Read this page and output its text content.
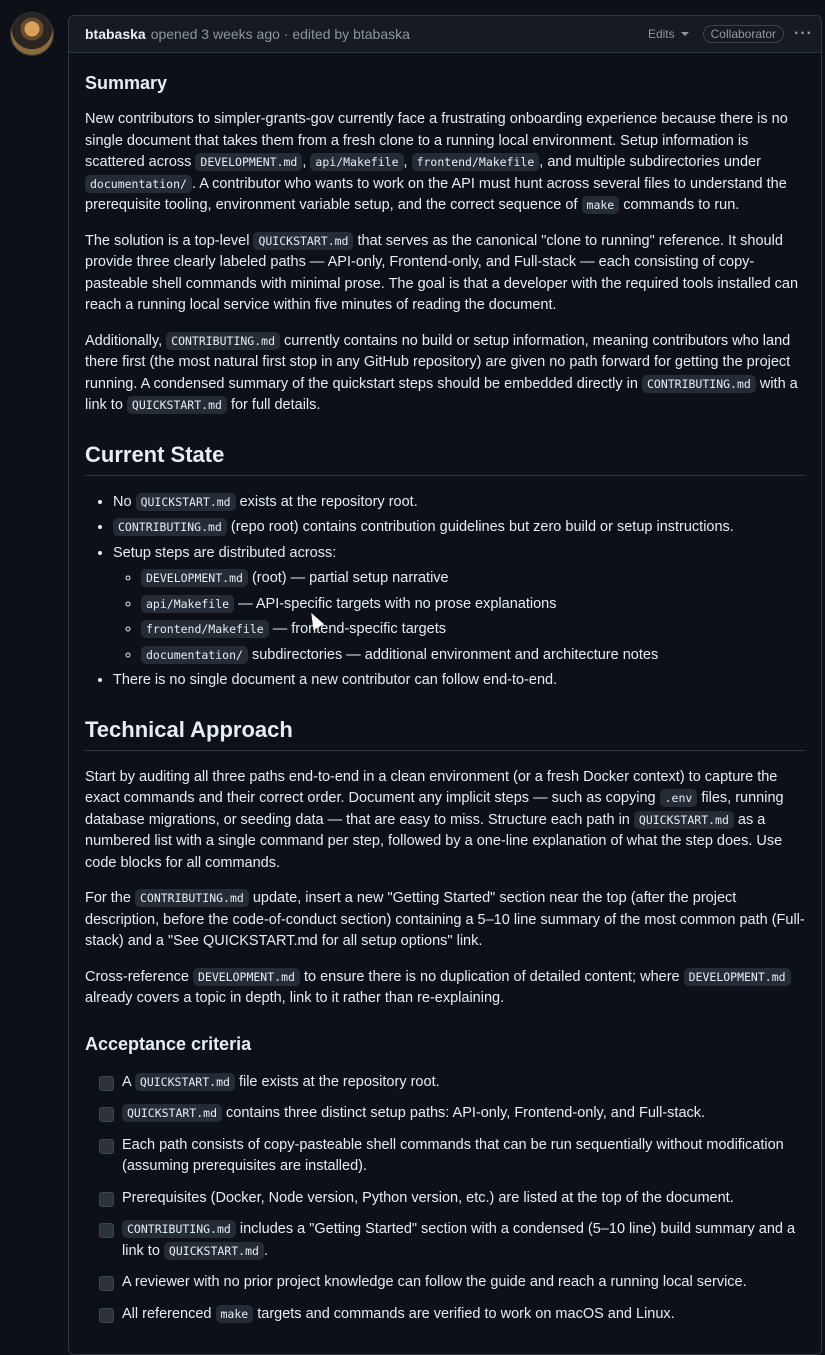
btabaska opened 3 weeks ago · edited by btabaska	Edits	Collaborator	···
Summary

New contributors to simpler-grants-gov currently face a frustrating onboarding experience because there is no single document that takes them from a fresh clone to a running local environment. Setup information is scattered across DEVELOPMENT.md , api/Makefile , frontend/Makefile , and multiple subdirectories under documentation/ . A contributor who wants to work on the API must hunt across several files to understand the prerequisite tooling, environment variable setup, and the correct sequence of make commands to run.

The solution is a top-level QUICKSTART.md that serves as the canonical "clone to running" reference. It should provide three clearly labeled paths — API-only, Frontend-only, and Full-stack — each consisting of copy-pasteable shell commands with minimal prose. The goal is that a developer with the required tools installed can reach a running local service within five minutes of reading the document.

Additionally, CONTRIBUTING.md currently contains no build or setup information, meaning contributors who land there first (the most natural first stop in any GitHub repository) are given no path forward for getting the project running. A condensed summary of the quickstart steps should be embedded directly in CONTRIBUTING.md with a link to QUICKSTART.md for full details.

Current State
• No QUICKSTART.md exists at the repository root.
• CONTRIBUTING.md (repo root) contains contribution guidelines but zero build or setup instructions.
• Setup steps are distributed across:
◦ DEVELOPMENT.md (root) — partial setup narrative
◦ api/Makefile — API-specific targets with no prose explanations
◦ frontend/Makefile — frontend-specific targets
◦ documentation/ subdirectories — additional environment and architecture notes
• There is no single document a new contributor can follow end-to-end.
Technical Approach

Start by auditing all three paths end-to-end in a clean environment (or a fresh Docker context) to capture the exact commands and their correct order. Document any implicit steps — such as copying .env files, running database migrations, or seeding data — that are easy to miss. Structure each path in QUICKSTART.md as a numbered list with a single command per step, followed by a one-line explanation of what the step does. Use code blocks for all commands.

For the CONTRIBUTING.md update, insert a new "Getting Started" section near the top (after the project description, before the code-of-conduct section) containing a 5–10 line summary of the most common path (Full-stack) and a "See QUICKSTART.md for all setup options" link.

Cross-reference DEVELOPMENT.md to ensure there is no duplication of detailed content; where DEVELOPMENT.md already covers a topic in depth, link to it rather than re-explaining.

Acceptance criteria
A QUICKSTART.md file exists at the repository root.
QUICKSTART.md contains three distinct setup paths: API-only, Frontend-only, and Full-stack.
Each path consists of copy-pasteable shell commands that can be run sequentially without modification (assuming prerequisites are installed).
Prerequisites (Docker, Node version, Python version, etc.) are listed at the top of the document.
CONTRIBUTING.md includes a "Getting Started" section with a condensed (5–10 line) build summary and a link to QUICKSTART.md .
A reviewer with no prior project knowledge can follow the guide and reach a running local service.
All referenced make targets and commands are verified to work on macOS and Linux.
